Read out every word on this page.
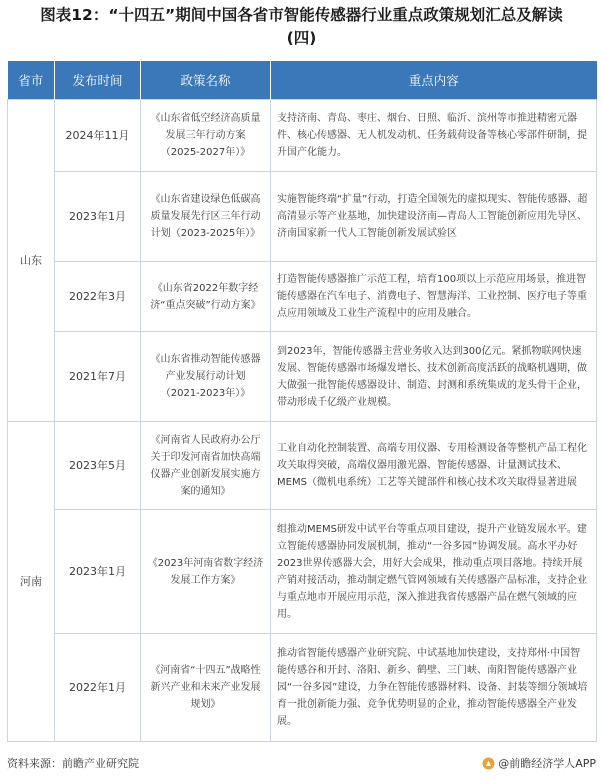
图表12：“十四五”期间中国各省市智能传感器行业重点政策规划汇总及解读
(四)
省市	发布时间	政策名称	重点内容
山东	2024年11月	《山东省低空经济高质量发展三年行动方案（2025-2027年）》	支持济南、青岛、枣庄、烟台、日照、临沂、滨州等市推进精密元器件、核心传感器、无人机发动机、任务载荷设备等核心零部件研制，提升国产化能力。
	2023年1月	《山东省建设绿色低碳高质量发展先行区三年行动计划（2023-2025年）》	实施智能终端“扩量”行动，打造全国领先的虚拟现实、智能传感器、超高清显示等产业基地，加快建设济南—青岛人工智能创新应用先导区、济南国家新一代人工智能创新发展试验区
	2022年3月	《山东省2022年数字经济“重点突破”行动方案》	打造智能传感器推广示范工程，培育100项以上示范应用场景，推进智能传感器在汽车电子、消费电子、智慧海洋、工业控制、医疗电子等重点应用领域及工业生产流程中的应用及融合。
	2021年7月	《山东省推动智能传感器产业发展行动计划（2021-2023年）》	到2023年，智能传感器主营业务收入达到300亿元。紧抓物联网快速发展、智能传感器市场爆发增长、技术创新高度活跃的战略机遇期，做大做强一批智能传感器设计、制造、封测和系统集成的龙头骨干企业，带动形成千亿级产业规模。
河南	2023年5月	《河南省人民政府办公厅关于印发河南省加快高端仪器产业创新发展实施方案的通知》	工业自动化控制装置、高端专用仪器、专用检测设备等整机产品工程化攻关取得突破，高端仪器用激光器、智能传感器、计量测试技术、MEMS（微机电系统）工艺等关键部件和核心技术攻关取得显著进展
	2023年1月	《2023年河南省数字经济发展工作方案》	组推动MEMS研发中试平台等重点项目建设，提升产业链发展水平。建立智能传感器协同发展机制，推动“一谷多园”协调发展。高水平办好2023世界传感器大会，用好大会成果，推动重点项目落地。持续开展产销对接活动，推动制定燃气管网领域有关传感器产品标准，支持企业与重点地市开展应用示范，深入推进我省传感器产品在燃气领域的应用。
	2022年1月	《河南省“十四五”战略性新兴产业和未来产业发展规划》	推动省智能传感器产业研究院、中试基地加快建设，支持郑州·中国智能传感谷和开封、洛阳、新乡、鹤壁、三门峡、南阳智能传感器产业园“一谷多园”建设，力争在智能传感器材料、设备、封装等细分领域培育一批创新能力强、竞争优势明显的企业，推动智能传感器全产业发展。
资料来源：前瞻产业研究院	@前瞻经济学人APP
